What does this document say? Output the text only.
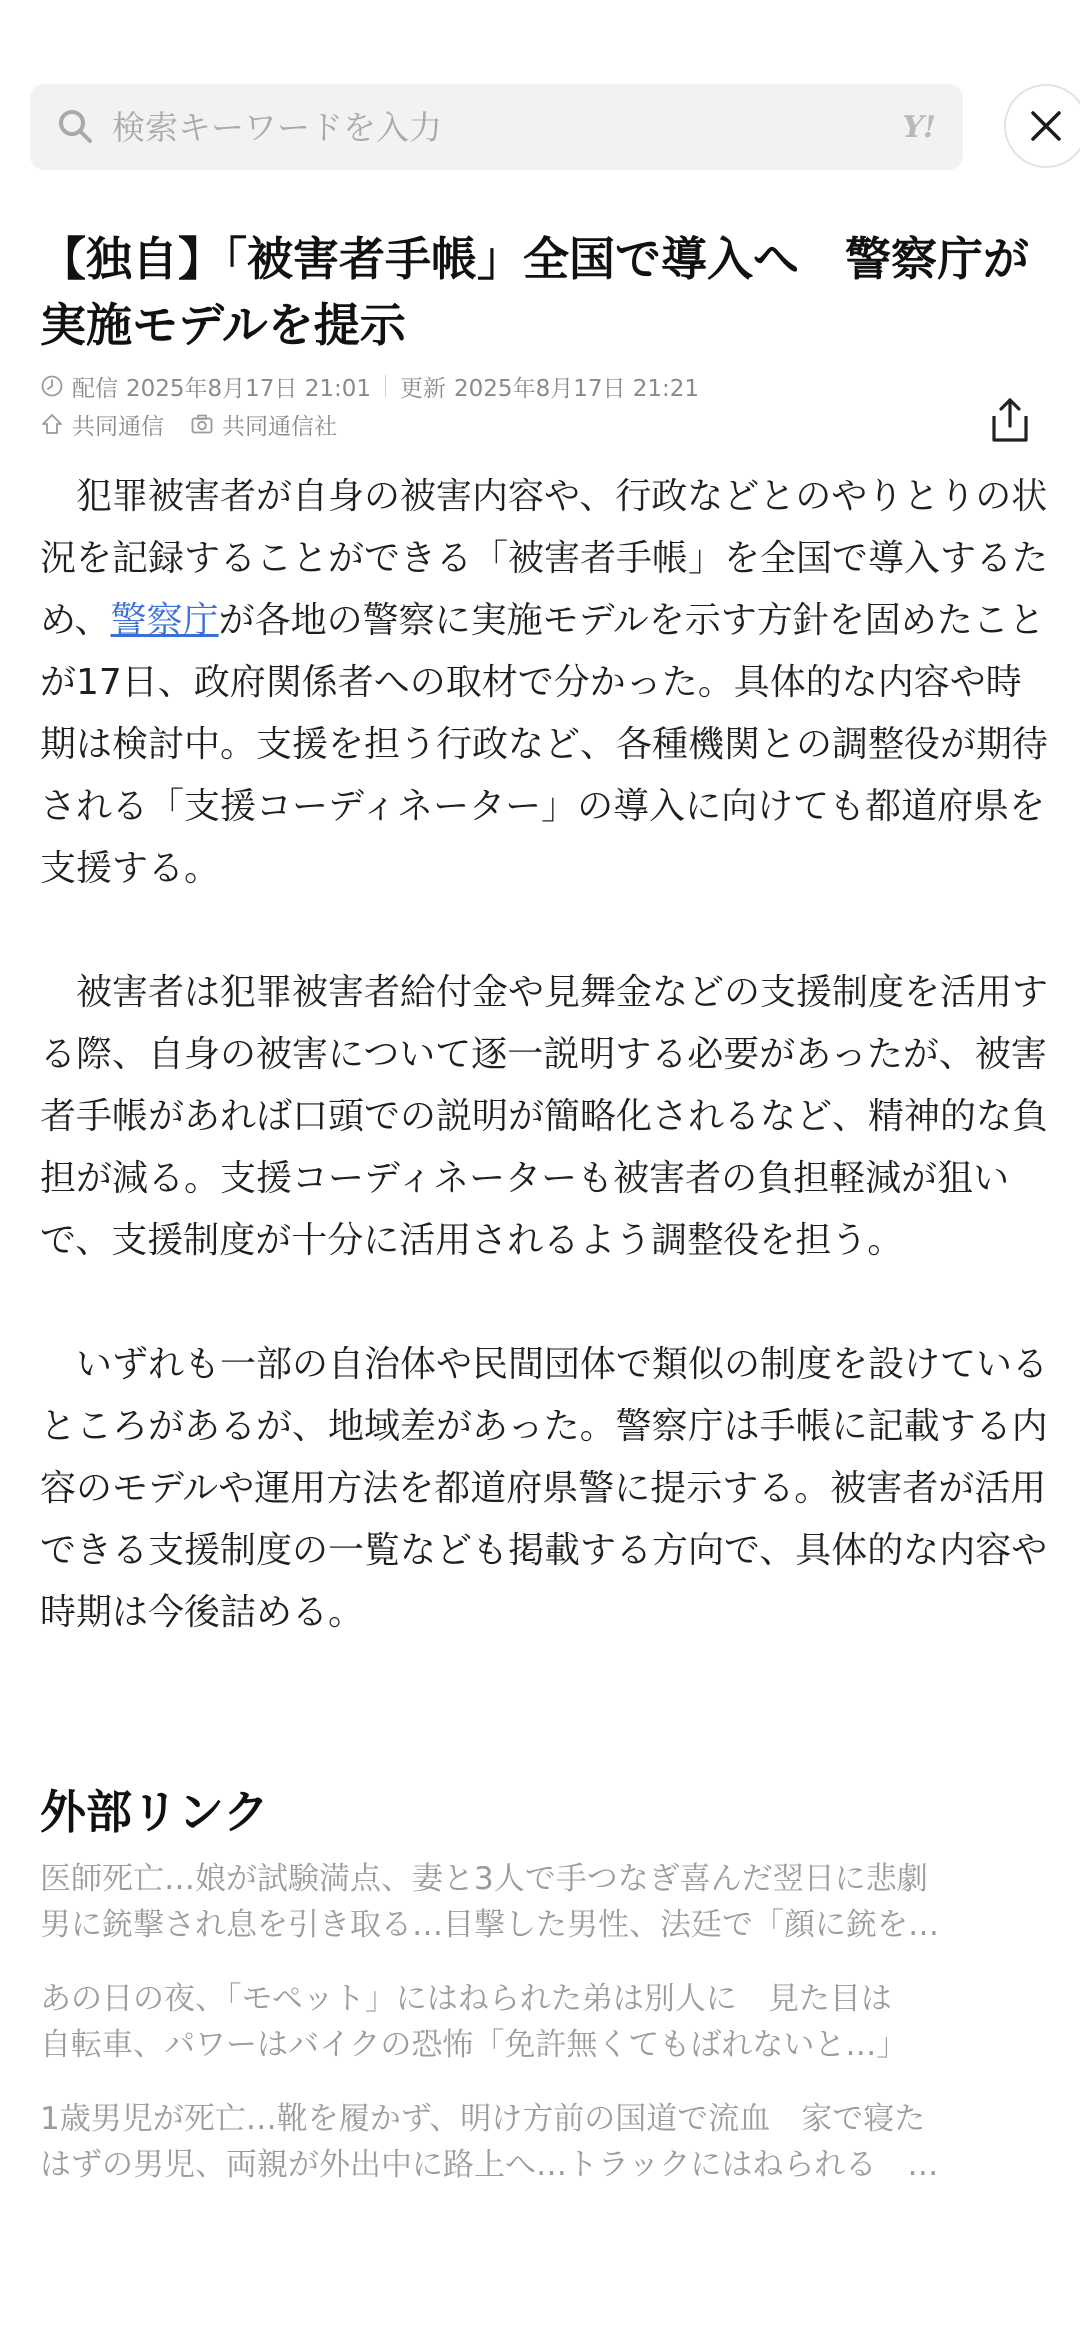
検索キーワードを入力
Y!
【独自】「被害者手帳」全国で導入へ　警察庁が実施モデルを提示
配信 2025年8月17日 21:01 更新 2025年8月17日 21:21
共同通信	共同通信社

犯罪被害者が自身の被害内容や、行政などとのやりとりの状況を記録することができる「被害者手帳」を全国で導入するため、警察庁が各地の警察に実施モデルを示す方針を固めたことが17日、政府関係者への取材で分かった。具体的な内容や時期は検討中。支援を担う行政など、各種機関との調整役が期待される「支援コーディネーター」の導入に向けても都道府県を支援する。

被害者は犯罪被害者給付金や見舞金などの支援制度を活用する際、自身の被害について逐一説明する必要があったが、被害者手帳があれば口頭での説明が簡略化されるなど、精神的な負担が減る。支援コーディネーターも被害者の負担軽減が狙いで、支援制度が十分に活用されるよう調整役を担う。

いずれも一部の自治体や民間団体で類似の制度を設けているところがあるが、地域差があった。警察庁は手帳に記載する内容のモデルや運用方法を都道府県警に提示する。被害者が活用できる支援制度の一覧なども掲載する方向で、具体的な内容や時期は今後詰める。

外部リンク
医師死亡…娘が試験満点、妻と3人で手つなぎ喜んだ翌日に悲劇
男に銃撃され息を引き取る…目撃した男性、法廷で「顔に銃を…
あの日の夜、「モペット」にはねられた弟は別人に　見た目は
自転車、パワーはバイクの恐怖「免許無くてもばれないと…」
1歳男児が死亡…靴を履かず、明け方前の国道で流血　家で寝た
はずの男児、両親が外出中に路上へ…トラックにはねられる　…
